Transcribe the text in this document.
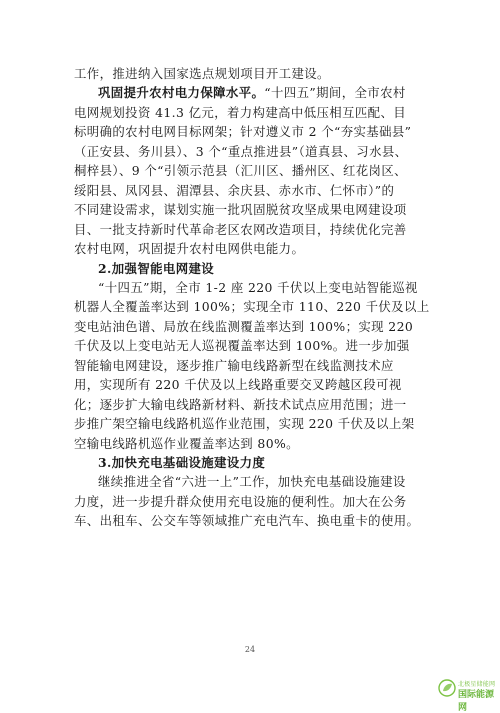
工作，推进纳入国家选点规划项目开工建设。
巩固提升农村电力保障水平。“十四五”期间，全市农村
电网规划投资 41.3 亿元，着力构建高中低压相互匹配、目
标明确的农村电网目标网架；针对遵义市 2 个“夯实基础县”
（正安县、务川县）、3 个“重点推进县”（道真县、习水县、
桐梓县）、9 个“引领示范县（汇川区、播州区、红花岗区、
绥阳县、凤冈县、湄潭县、余庆县、赤水市、仁怀市）”的
不同建设需求，谋划实施一批巩固脱贫攻坚成果电网建设项
目、一批支持新时代革命老区农网改造项目，持续优化完善
农村电网，巩固提升农村电网供电能力。
2.加强智能电网建设
“十四五”期，全市 1-2 座 220 千伏以上变电站智能巡视
机器人全覆盖率达到 100%；实现全市 110、220 千伏及以上
变电站油色谱、局放在线监测覆盖率达到 100%；实现 220
千伏及以上变电站无人巡视覆盖率达到 100%。进一步加强
智能输电网建设，逐步推广输电线路新型在线监测技术应
用，实现所有 220 千伏及以上线路重要交叉跨越区段可视
化；逐步扩大输电线路新材料、新技术试点应用范围；进一
步推广架空输电线路机巡作业范围，实现 220 千伏及以上架
空输电线路机巡作业覆盖率达到 80%。
3.加快充电基础设施建设力度
继续推进全省“六进一上”工作，加快充电基础设施建设
力度，进一步提升群众使用充电设施的便利性。加大在公务
车、出租车、公交车等领域推广充电汽车、换电重卡的使用。
24
北极星储能网
国际能源网
